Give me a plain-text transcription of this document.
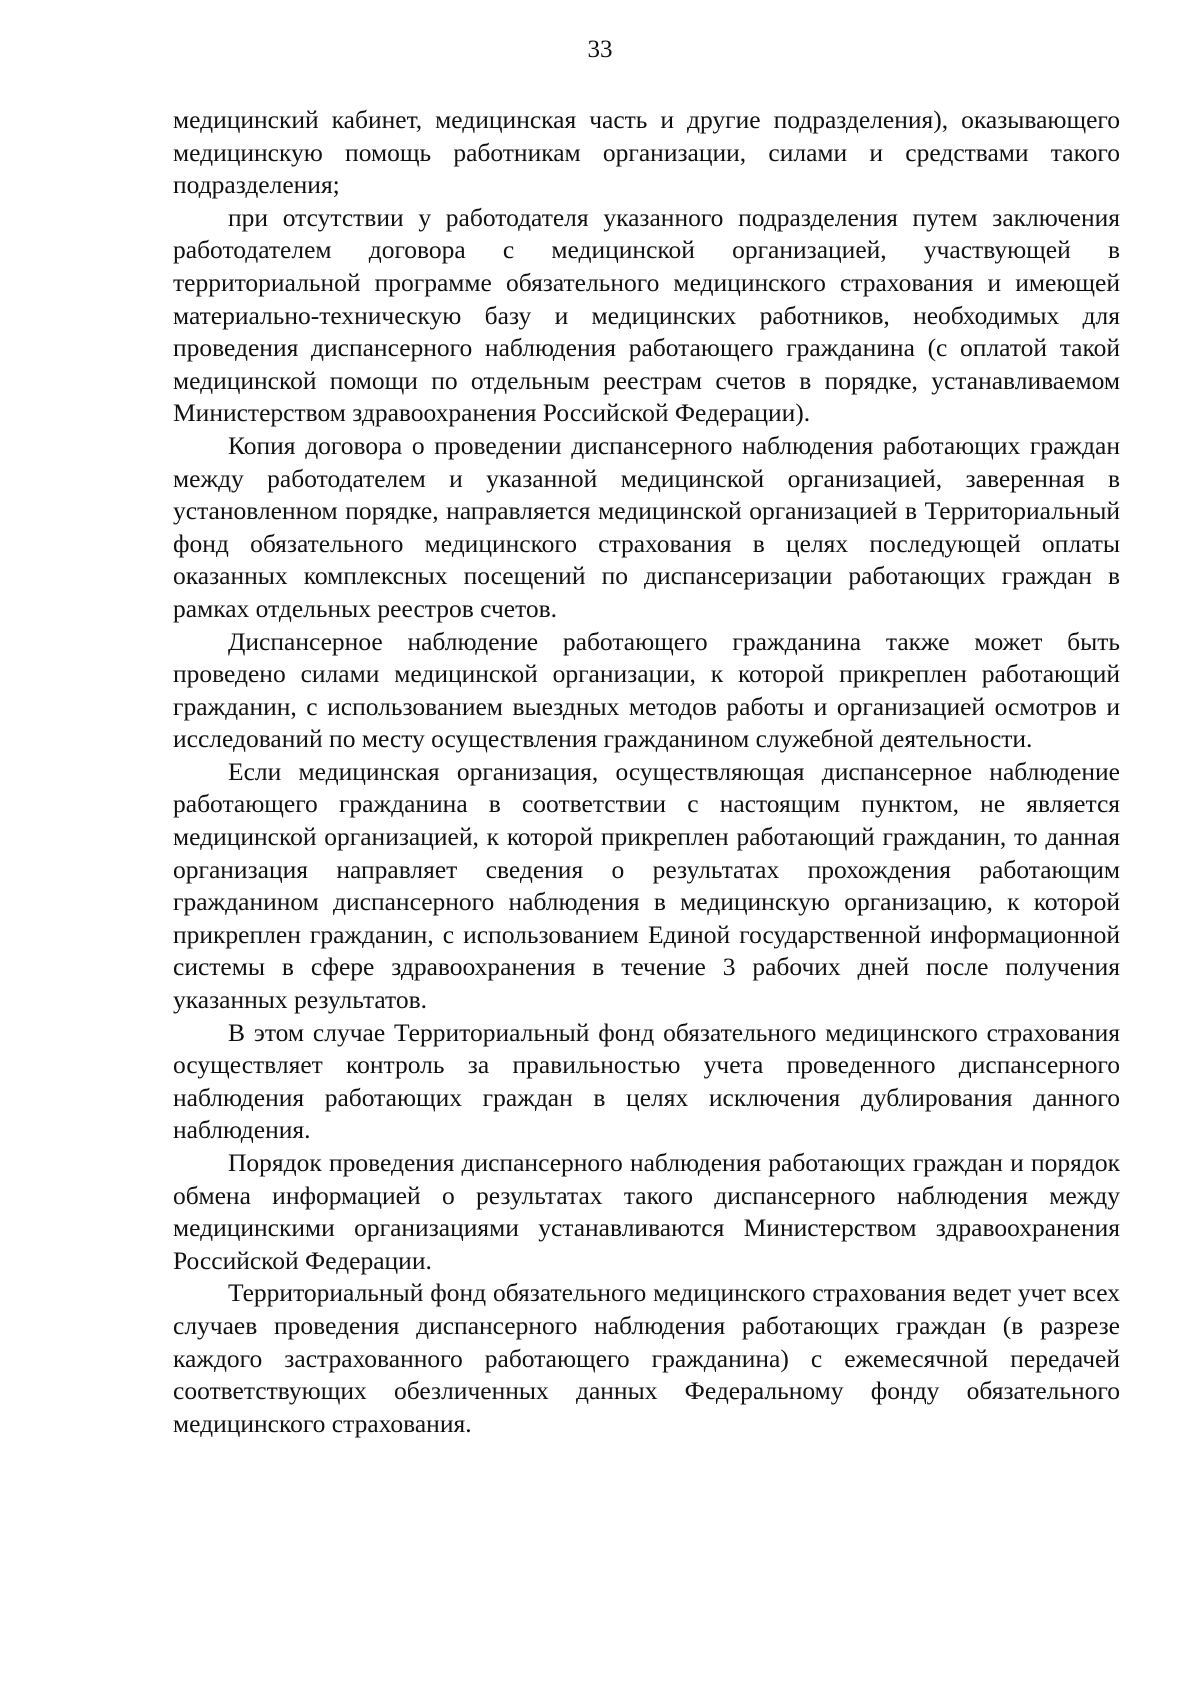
33

медицинский кабинет, медицинская часть и другие подразделения), оказывающего медицинскую помощь работникам организации, силами и средствами такого подразделения;

при отсутствии у работодателя указанного подразделения путем заключения работодателем договора с медицинской организацией, участвующей в территориальной программе обязательного медицинского страхования и имеющей материально-техническую базу и медицинских работников, необходимых для проведения диспансерного наблюдения работающего гражданина (с оплатой такой медицинской помощи по отдельным реестрам счетов в порядке, устанавливаемом Министерством здравоохранения Российской Федерации).

Копия договора о проведении диспансерного наблюдения работающих граждан между работодателем и указанной медицинской организацией, заверенная в установленном порядке, направляется медицинской организацией в Территориальный фонд обязательного медицинского страхования в целях последующей оплаты оказанных комплексных посещений по диспансеризации работающих граждан в рамках отдельных реестров счетов.

Диспансерное наблюдение работающего гражданина также может быть проведено силами медицинской организации, к которой прикреплен работающий гражданин, с использованием выездных методов работы и организацией осмотров и исследований по месту осуществления гражданином служебной деятельности.

Если медицинская организация, осуществляющая диспансерное наблюдение работающего гражданина в соответствии с настоящим пунктом, не является медицинской организацией, к которой прикреплен работающий гражданин, то данная организация направляет сведения о результатах прохождения работающим гражданином диспансерного наблюдения в медицинскую организацию, к которой прикреплен гражданин, с использованием Единой государственной информационной системы в сфере здравоохранения в течение 3 рабочих дней после получения указанных результатов.

В этом случае Территориальный фонд обязательного медицинского страхования осуществляет контроль за правильностью учета проведенного диспансерного наблюдения работающих граждан в целях исключения дублирования данного наблюдения.

Порядок проведения диспансерного наблюдения работающих граждан и порядок обмена информацией о результатах такого диспансерного наблюдения между медицинскими организациями устанавливаются Министерством здравоохранения Российской Федерации.

Территориальный фонд обязательного медицинского страхования ведет учет всех случаев проведения диспансерного наблюдения работающих граждан (в разрезе каждого застрахованного работающего гражданина) с ежемесячной передачей соответствующих обезличенных данных Федеральному фонду обязательного медицинского страхования.
